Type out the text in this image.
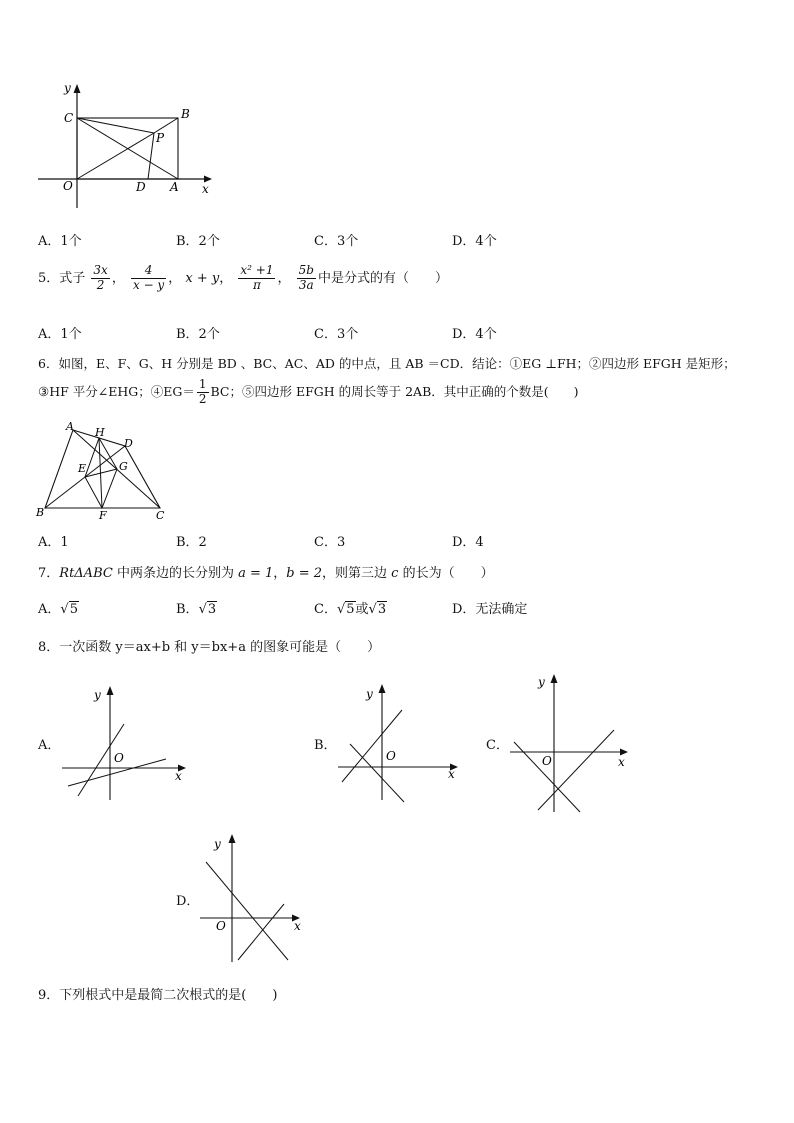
y
x
O
C	B
P
D A
A．1个	B．2个	C．3个	D．4个
5．式子 $\frac{3x}{2}$ ， $\frac{4}{x - y}$ ， x + y， $\frac{\text{x² +1}}{\pi}$ ， $\frac{5b}{3a}$ 中是分式的有（　　）
A．1个	B．2个	C．3个	D．4个
6．如图，E、F、G、H 分别是 BD 、BC、AC、AD 的中点，且 AB ＝CD．结论：①EG ⊥FH；②四边形 EFGH 是矩形；
③HF 平分∠EHG；④EG＝ $\frac{1}{2}$ BC；⑤四边形 EFGH 的周长等于 2AB．其中正确的个数是(　　)
A H
D
E	G
B	F	C
A．1	B．2	C．3	D．4
7．RtΔABC 中两条边的长分别为 a = 1，b = 2，则第三边 c 的长为（　　）
A．√5	B．√3	C．√5或√3	D．无法确定
8．一次函数 y＝ax+b 和 y＝bx+a 的图象可能是（　　）
A．
y
x
O
B．
y
x
O
C．
y
x
O
D．
y
x
O
9．下列根式中是最简二次根式的是(　　)
